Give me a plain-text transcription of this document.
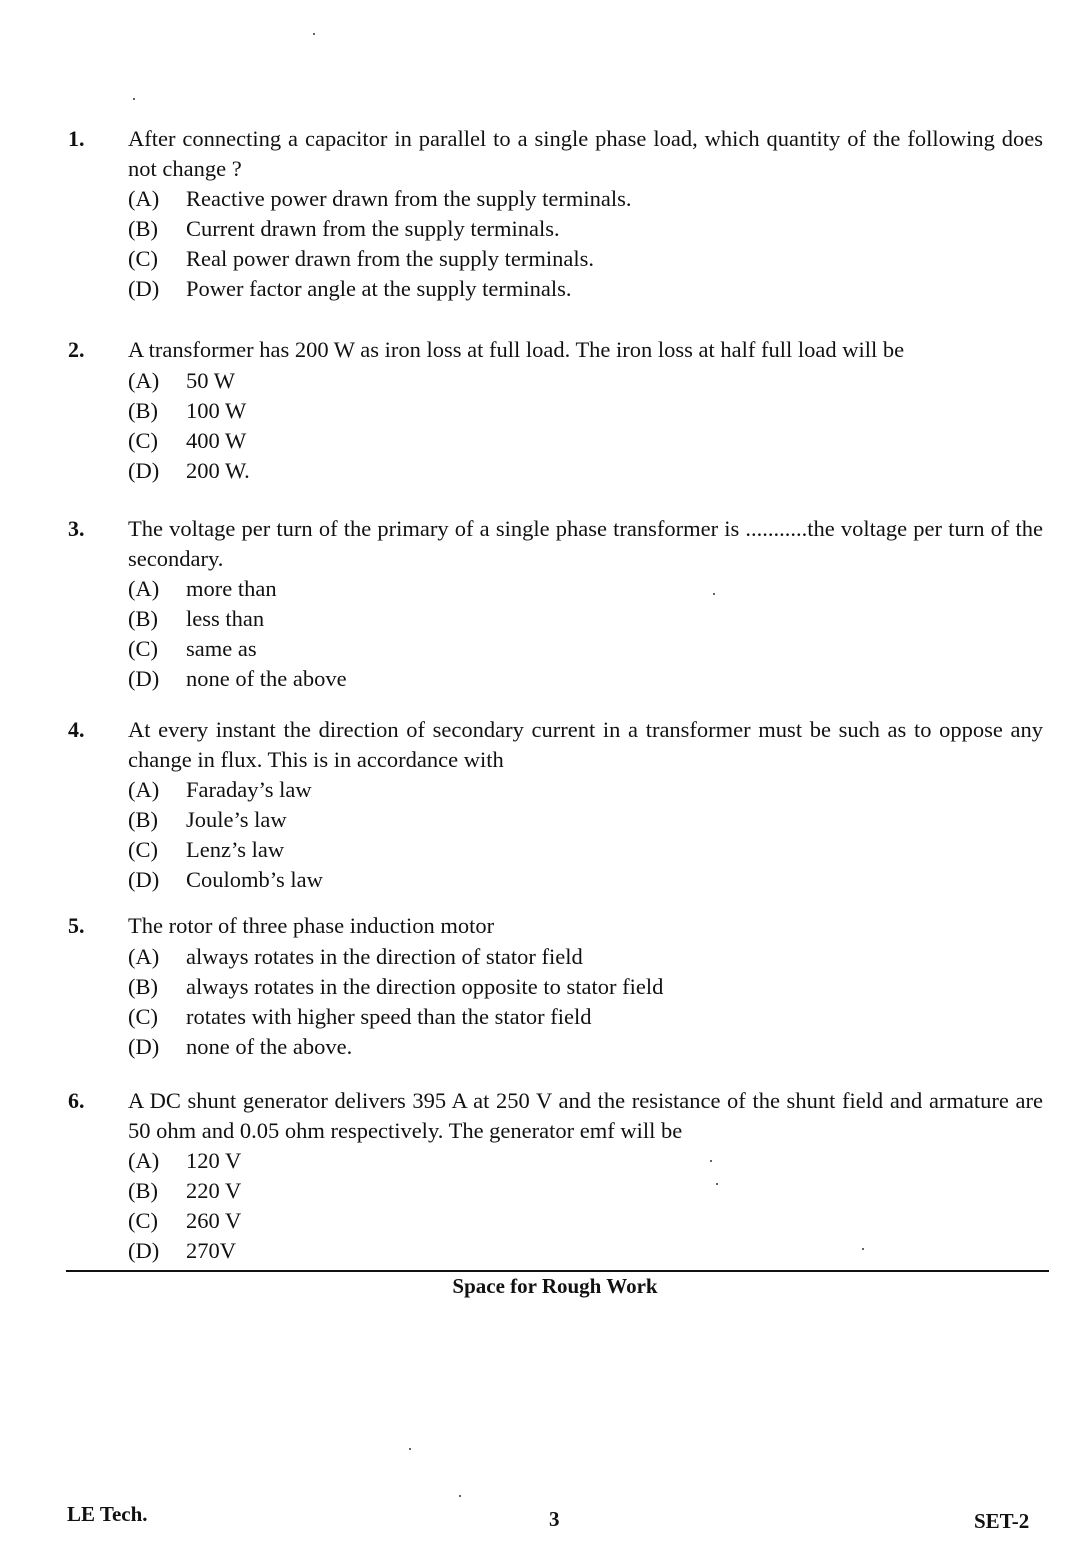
1. After connecting a capacitor in parallel to a single phase load, which quantity of the following does not change ?
(A)	Reactive power drawn from the supply terminals.
(B)	Current drawn from the supply terminals.
(C)	Real power drawn from the supply terminals.
(D)	Power factor angle at the supply terminals.
2. A transformer has 200 W as iron loss at full load. The iron loss at half full load will be
(A)	50 W
(B)	100 W
(C)	400 W
(D)	200 W.
3. The voltage per turn of the primary of a single phase transformer is ...........the voltage per turn of the secondary.
(A)	more than
(B)	less than
(C)	same as
(D)	none of the above
4. At every instant the direction of secondary current in a transformer must be such as to oppose any change in flux. This is in accordance with
(A)	Faraday’s law
(B)	Joule’s law
(C)	Lenz’s law
(D)	Coulomb’s law
5. The rotor of three phase induction motor
(A)	always rotates in the direction of stator field
(B)	always rotates in the direction opposite to stator field
(C)	rotates with higher speed than the stator field
(D)	none of the above.
6. A DC shunt generator delivers 395 A at 250 V and the resistance of the shunt field and armature are 50 ohm and 0.05 ohm respectively. The generator emf will be
(A)	120 V
(B)	220 V
(C)	260 V
(D)	270V
Space for Rough Work
LE Tech.	3	SET-2
